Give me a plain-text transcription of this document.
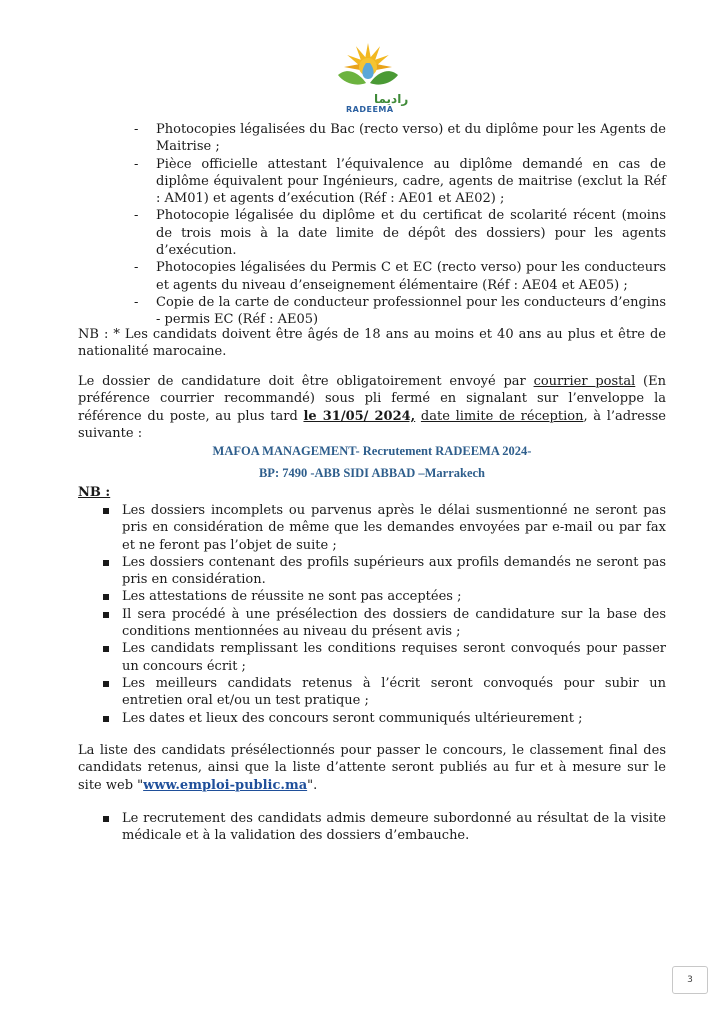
راديما
RADEEMA
- Photocopies légalisées du Bac (recto verso) et du diplôme pour les Agents de Maitrise ;
- Pièce officielle attestant l’équivalence au diplôme demandé en cas de diplôme équivalent pour Ingénieurs, cadre, agents de maitrise (exclut la Réf : AM01) et agents d’exécution (Réf : AE01 et AE02) ;
- Photocopie légalisée du diplôme et du certificat de scolarité récent (moins de trois mois à la date limite de dépôt des dossiers) pour les agents d’exécution.
- Photocopies légalisées du Permis C et EC (recto verso) pour les conducteurs et agents du niveau d’enseignement élémentaire (Réf : AE04 et AE05) ;
- Copie de la carte de conducteur professionnel pour les conducteurs d’engins - permis EC (Réf : AE05)

NB : * Les candidats doivent être âgés de 18 ans au moins et 40 ans au plus et être de nationalité marocaine.

Le dossier de candidature doit être obligatoirement envoyé par courrier postal (En préférence courrier recommandé) sous pli fermé en signalant sur l’enveloppe la référence du poste, au plus tard le 31/05/ 2024, date limite de réception, à l’adresse suivante :

MAFOA MANAGEMENT- Recrutement RADEEMA 2024-
BP: 7490 -ABB SIDI ABBAD –Marrakech
NB :
Les dossiers incomplets ou parvenus après le délai susmentionné ne seront pas pris en considération de même que les demandes envoyées par e-mail ou par fax et ne feront pas l’objet de suite ;
Les dossiers contenant des profils supérieurs aux profils demandés ne seront pas pris en considération.
Les attestations de réussite ne sont pas acceptées ;
Il sera procédé à une présélection des dossiers de candidature sur la base des conditions mentionnées au niveau du présent avis ;
Les candidats remplissant les conditions requises seront convoqués pour passer un concours écrit ;
Les meilleurs candidats retenus à l’écrit seront convoqués pour subir un entretien oral et/ou un test pratique ;
Les dates et lieux des concours seront communiqués ultérieurement ;

La liste des candidats présélectionnés pour passer le concours, le classement final des candidats retenus, ainsi que la liste d’attente seront publiés au fur et à mesure sur le site web "www.emploi-public.ma".

Le recrutement des candidats admis demeure subordonné au résultat de la visite médicale et à la validation des dossiers d’embauche.
3
